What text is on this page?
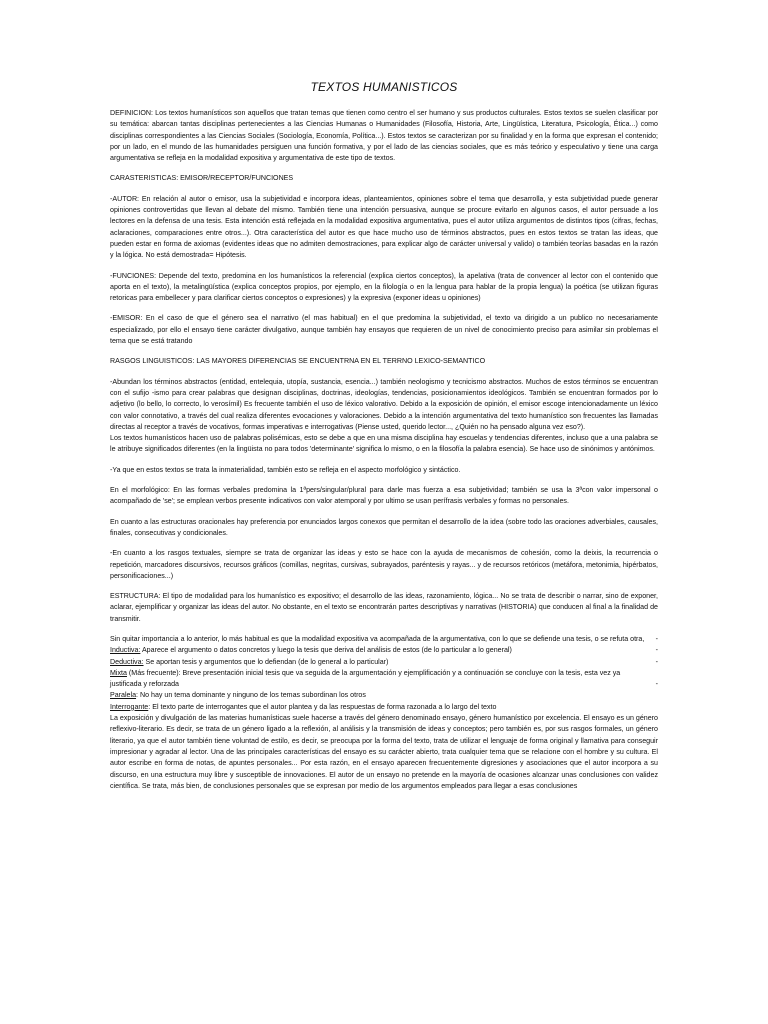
TEXTOS HUMANISTICOS

DEFINICION: Los textos humanísticos son aquellos que tratan temas que tienen como centro el ser humano y sus productos culturales. Estos textos se suelen clasificar por su temática: abarcan tantas disciplinas pertenecientes a las Ciencias Humanas o Humanidades (Filosofía, Historia, Arte, Lingüística, Literatura, Psicología, Ética...) como disciplinas correspondientes a las Ciencias Sociales (Sociología, Economía, Política...). Estos textos se caracterizan por su finalidad y en la forma que expresan el contenido; por un lado, en el mundo de las humanidades persiguen una función formativa, y por el lado de las ciencias sociales, que es más teórico y especulativo y tiene una carga argumentativa se refleja en la modalidad expositiva y argumentativa de este tipo de textos.

CARASTERISTICAS: EMISOR/RECEPTOR/FUNCIONES

-AUTOR: En relación al autor o emisor, usa la subjetividad e incorpora ideas, planteamientos, opiniones sobre el tema que desarrolla, y esta subjetividad puede generar opiniones controvertidas que llevan al debate del mismo. También tiene una intención persuasiva, aunque se procure evitarlo en algunos casos, el autor persuade a los lectores en la defensa de una tesis. Esta intención está reflejada en la modalidad expositiva argumentativa, pues el autor utiliza argumentos de distintos tipos (cifras, fechas, aclaraciones, comparaciones entre otros...). Otra característica del autor es que hace mucho uso de términos abstractos, pues en estos textos se tratan las ideas, que pueden estar en forma de axiomas (evidentes ideas que no admiten demostraciones, para explicar algo de carácter universal y valido) o también teorías basadas en la razón y la lógica. No está demostrada= Hipótesis.

-FUNCIONES: Depende del texto, predomina en los humanísticos la referencial (explica ciertos conceptos), la apelativa (trata de convencer al lector con el contenido que aporta en el texto), la metalingüística (explica conceptos propios, por ejemplo, en la filología o en la lengua para hablar de la propia lengua) la poética (se utilizan figuras retoricas para embellecer y para clarificar ciertos conceptos o expresiones) y la expresiva (exponer ideas u opiniones)

-EMISOR: En el caso de que el género sea el narrativo (el mas habitual) en el que predomina la subjetividad, el texto va dirigido a un publico no necesariamente especializado, por ello el ensayo tiene carácter divulgativo, aunque también hay ensayos que requieren de un nivel de conocimiento preciso para asimilar sin problemas el tema que se está tratando

RASGOS LINGUISTICOS: LAS MAYORES DIFERENCIAS SE ENCUENTRNA EN EL TERRNO LEXICO-SEMANTICO

-Abundan los términos abstractos (entidad, entelequia, utopía, sustancia, esencia...) también neologismo y tecnicismo abstractos. Muchos de estos términos se encuentran con el sufijo -ismo para crear palabras que designan disciplinas, doctrinas, ideologías, tendencias, posicionamientos ideológicos. También se encuentran formados por lo adjetivo (lo bello, lo correcto, lo verosímil) Es frecuente también el uso de léxico valorativo. Debido a la exposición de opinión, el emisor escoge intencionadamente un léxico con valor connotativo, a través del cual realiza diferentes evocaciones y valoraciones. Debido a la intención argumentativa del texto humanístico son frecuentes las llamadas directas al receptor a través de vocativos, formas imperativas e interrogativas (Piense usted, querido lector..., ¿Quién no ha pensado alguna vez eso?).

Los textos humanísticos hacen uso de palabras polisémicas, esto se debe a que en una misma disciplina hay escuelas y tendencias diferentes, incluso que a una palabra se le atribuye significados diferentes (en la lingüista no para todos 'determinante' significa lo mismo, o en la filosofía la palabra esencia). Se hace uso de sinónimos y antónimos.

-Ya que en estos textos se trata la inmaterialidad, también esto se refleja en el aspecto morfológico y sintáctico.

En el morfológico: En las formas verbales predomina la 1ªpers/singular/plural para darle mas fuerza a esa subjetividad; también se usa la 3ªcon valor impersonal o acompañado de 'se'; se emplean verbos presente indicativos con valor atemporal y por ultimo se usan perífrasis verbales y formas no personales.

En cuanto a las estructuras oracionales hay preferencia por enunciados largos conexos que permitan el desarrollo de la idea (sobre todo las oraciones adverbiales, causales, finales, consecutivas y condicionales.

-En cuanto a los rasgos textuales, siempre se trata de organizar las ideas y esto se hace con la ayuda de mecanismos de cohesión, como la deixis, la recurrencia o repetición, marcadores discursivos, recursos gráficos (comillas, negritas, cursivas, subrayados, paréntesis y rayas... y de recursos retóricos (metáfora, metonimia, hipérbatos, personificaciones...)

ESTRUCTURA: El tipo de modalidad para los humanístico es expositivo; el desarrollo de las ideas, razonamiento, lógica... No se trata de describir o narrar, sino de exponer, aclarar, ejemplificar y organizar las ideas del autor. No obstante, en el texto se encontrarán partes descriptivas y narrativas (HISTORIA) que conducen al final a la finalidad de transmitir.

Sin quitar importancia a lo anterior, lo más habitual es que la modalidad expositiva va acompañada de la argumentativa, con lo que se defiende una tesis, o se refuta otra,	-
Inductiva: Aparece el argumento o datos concretos y luego la tesis que deriva del análisis de estos (de lo particular a lo general)	-
Deductiva: Se aportan tesis y argumentos que lo defiendan (de lo general a lo particular)	-
Mixta (Más frecuente): Breve presentación inicial tesis que va seguida de la argumentación y ejemplificación y a continuación se concluye con la tesis, esta vez ya justificada y reforzada	-
Paralela: No hay un tema dominante y ninguno de los temas subordinan los otros
Interrogante: El texto parte de interrogantes que el autor plantea y da las respuestas de forma razonada a lo largo del texto

La exposición y divulgación de las materias humanísticas suele hacerse a través del género denominado ensayo, género humanístico por excelencia. El ensayo es un género reflexivo-literario. Es decir, se trata de un género ligado a la reflexión, al análisis y la transmisión de ideas y conceptos; pero también es, por sus rasgos formales, un género literario, ya que el autor también tiene voluntad de estilo, es decir, se preocupa por la forma del texto, trata de utilizar el lenguaje de forma original y llamativa para conseguir impresionar y agradar al lector. Una de las principales características del ensayo es su carácter abierto, trata cualquier tema que se relacione con el hombre y su cultura. El autor escribe en forma de notas, de apuntes personales... Por esta razón, en el ensayo aparecen frecuentemente digresiones y asociaciones que el autor incorpora a su discurso, en una estructura muy libre y susceptible de innovaciones. El autor de un ensayo no pretende en la mayoría de ocasiones alcanzar unas conclusiones con validez científica. Se trata, más bien, de conclusiones personales que se expresan por medio de los argumentos empleados para llegar a esas conclusiones
